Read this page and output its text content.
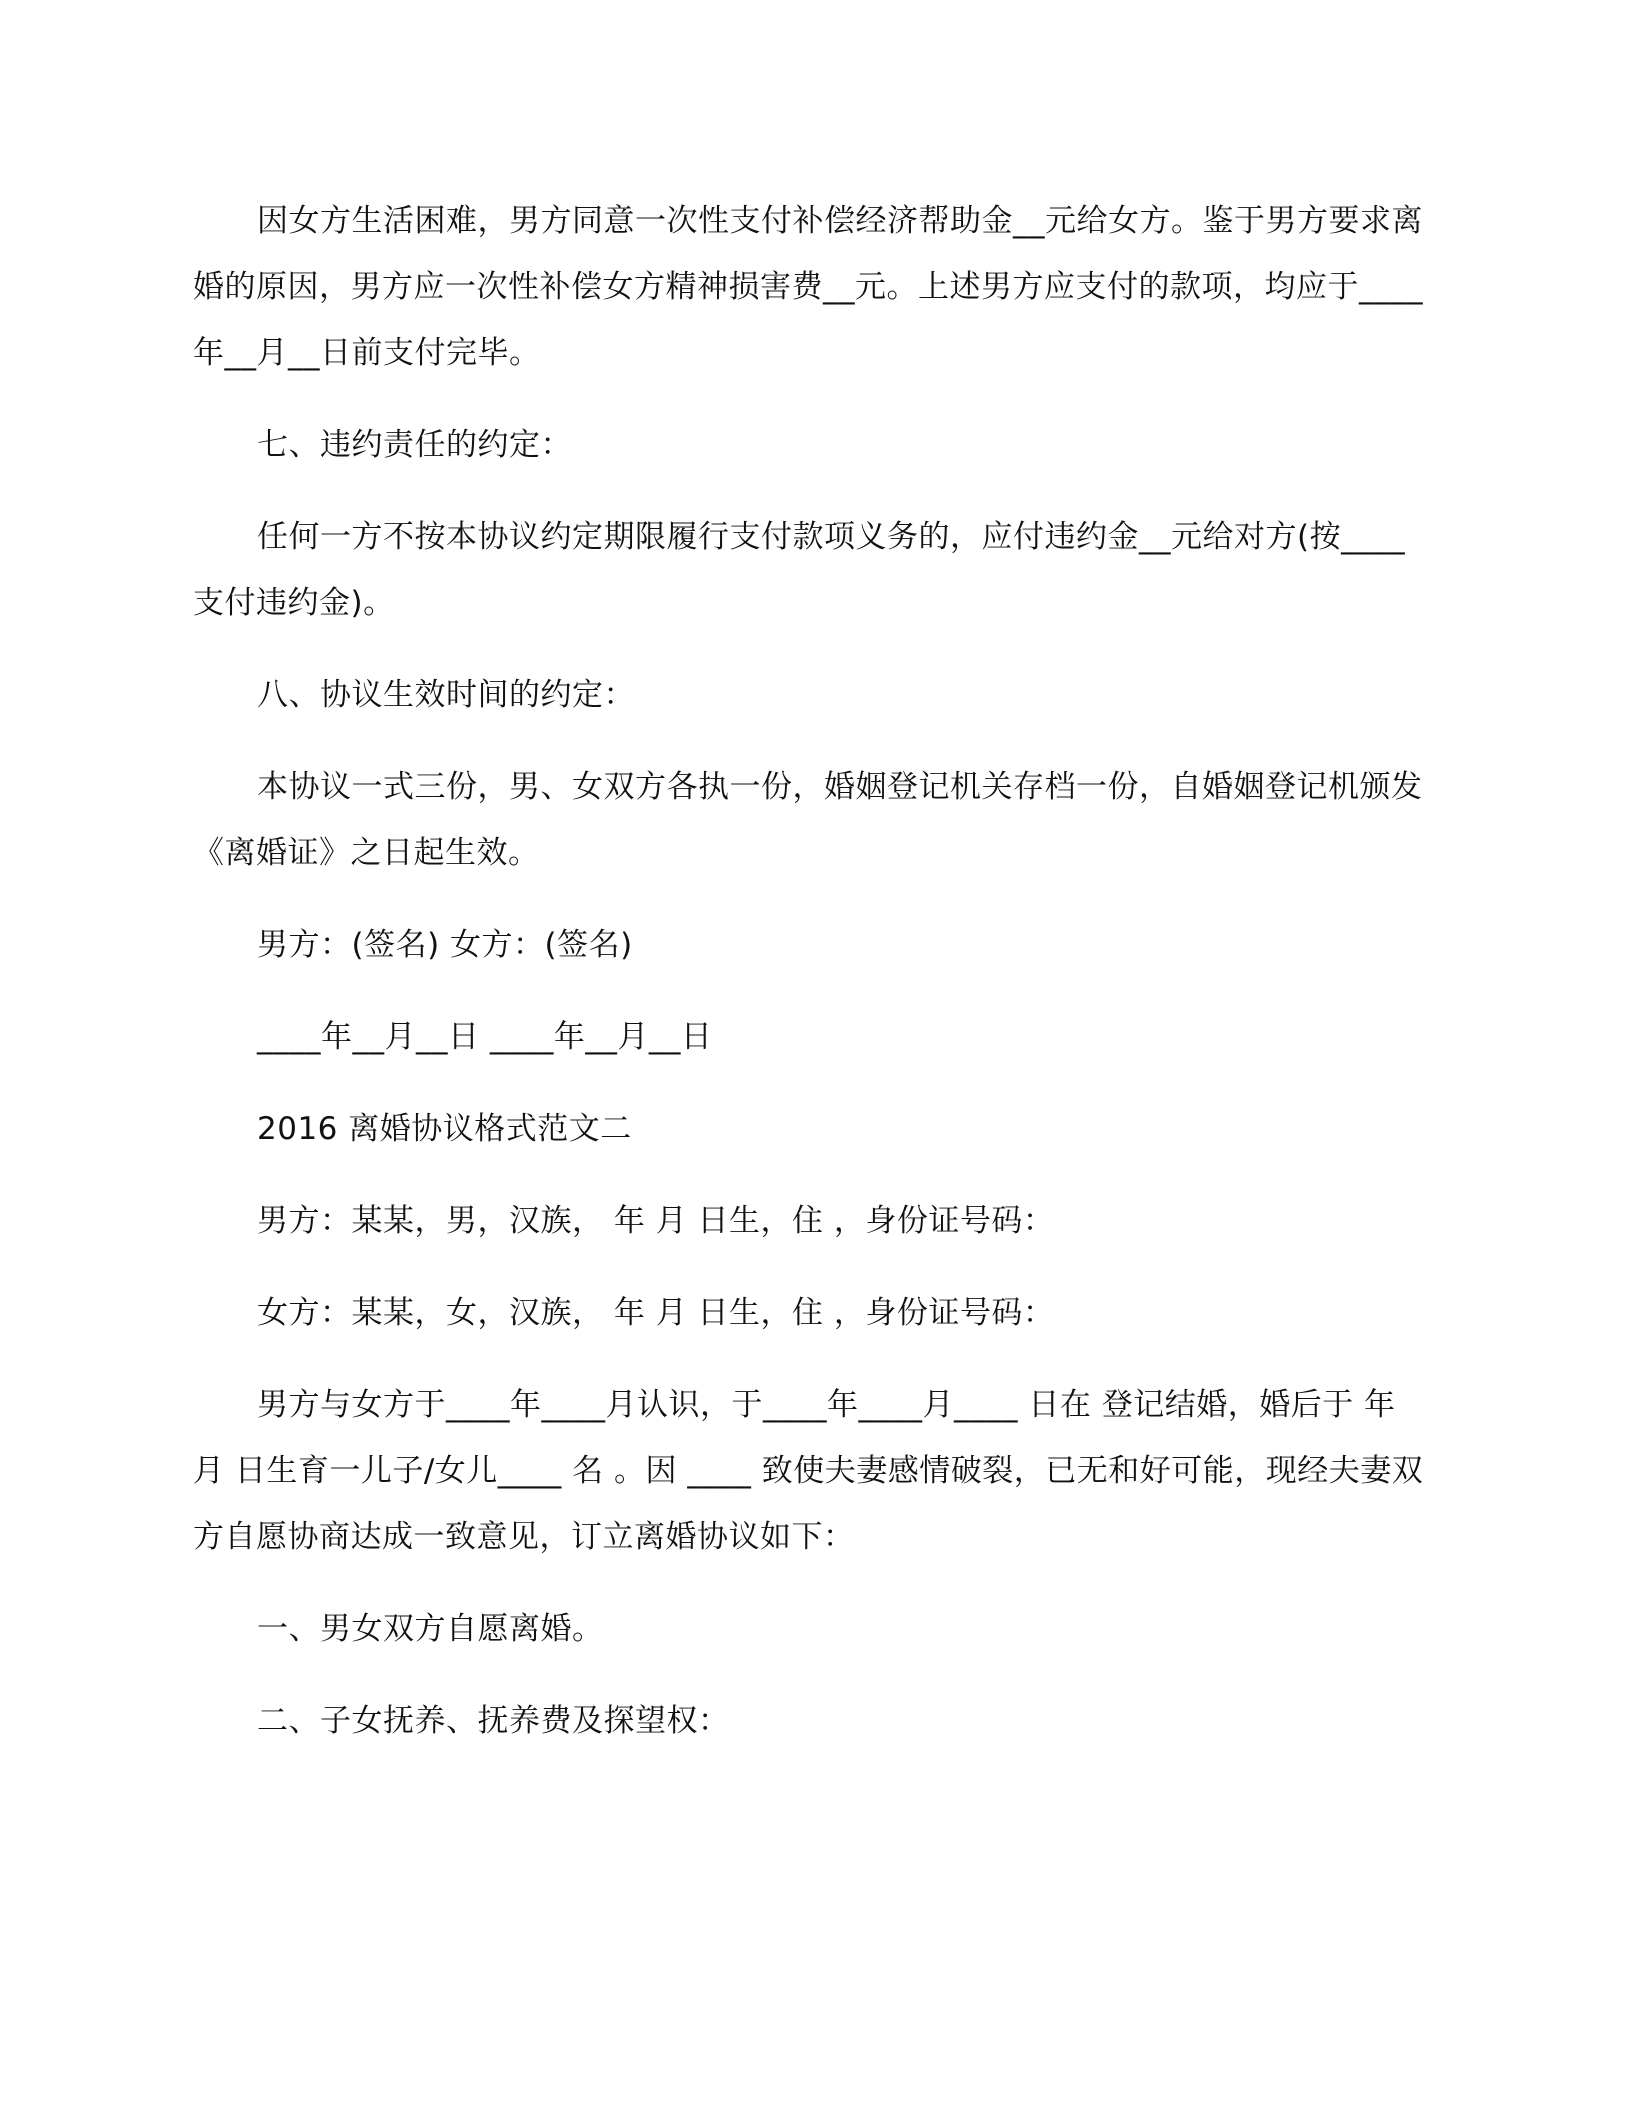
因女方生活困难，男方同意一次性支付补偿经济帮助金__元给女方。鉴于男方要求离婚的原因，男方应一次性补偿女方精神损害费__元。上述男方应支付的款项，均应于____年__月__日前支付完毕。

七、违约责任的约定：

任何一方不按本协议约定期限履行支付款项义务的，应付违约金__元给对方(按____支付违约金)。

八、协议生效时间的约定：

本协议一式三份，男、女双方各执一份，婚姻登记机关存档一份，自婚姻登记机颁发《离婚证》之日起生效。

男方：(签名) 女方：(签名)

____年__月__日 ____年__月__日

2016 离婚协议格式范文二

男方：某某，男，汉族， 年 月 日生，住 ，身份证号码：

女方：某某，女，汉族， 年 月 日生，住 ，身份证号码：

男方与女方于____年____月认识，于____年____月____ 日在 登记结婚，婚后于 年 月 日生育一儿子/女儿____ 名 。因 ____ 致使夫妻感情破裂，已无和好可能，现经夫妻双方自愿协商达成一致意见，订立离婚协议如下：

一、男女双方自愿离婚。

二、子女抚养、抚养费及探望权：
